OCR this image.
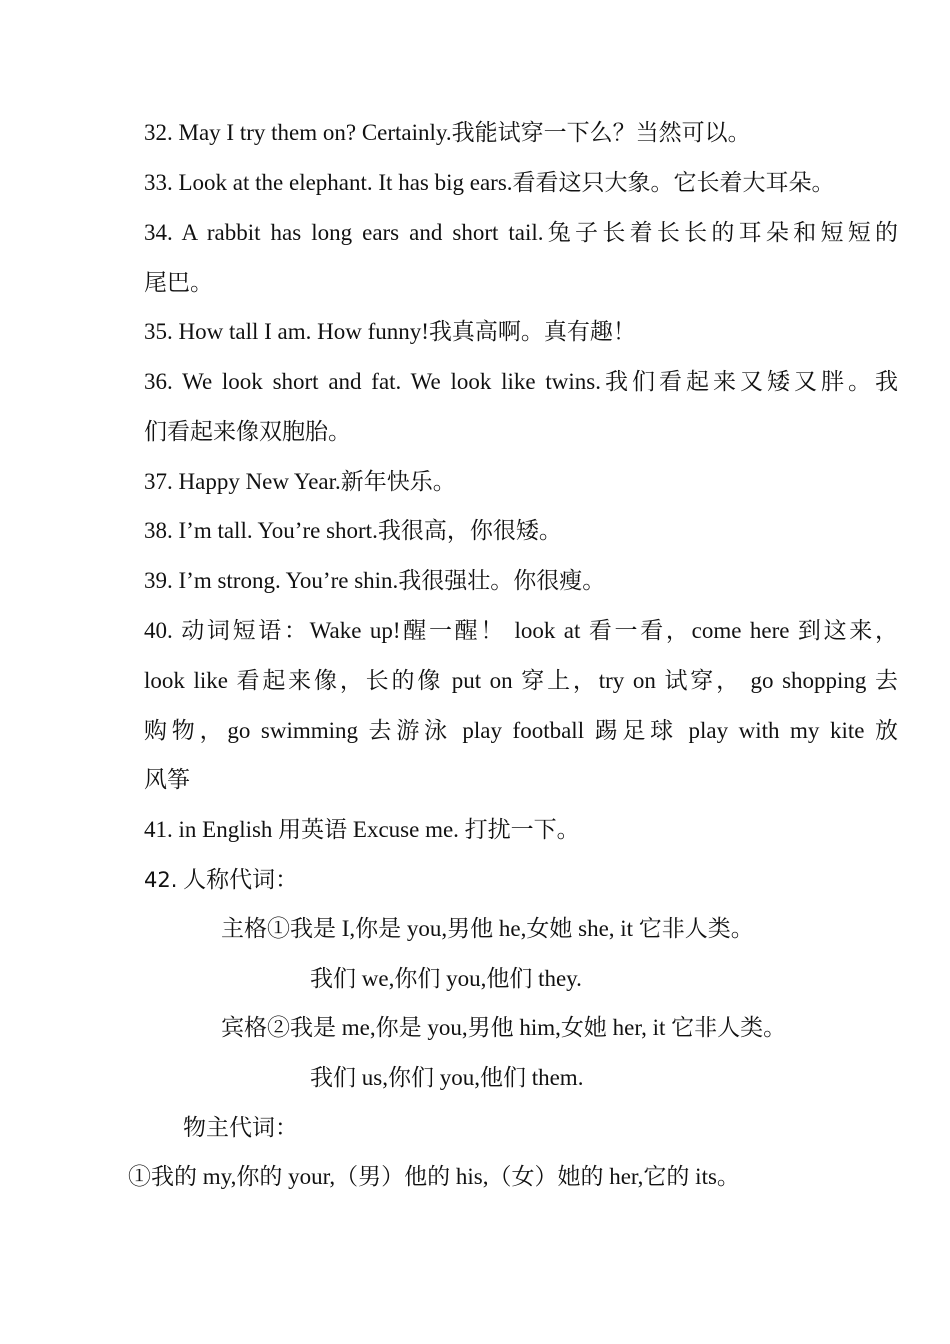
32. May I try them on? Certainly.我能试穿一下么？当然可以。
33. Look at the elephant. It has big ears.看看这只大象。它长着大耳朵。
34. A rabbit has long ears and short tail.兔子长着长长的耳朵和短短的
尾巴。
35. How tall I am. How funny!我真高啊。真有趣！
36. We look short and fat. We look like twins.我们看起来又矮又胖。我
们看起来像双胞胎。
37. Happy New Year.新年快乐。
38. I’m tall. You’re short.我很高，你很矮。
39. I’m strong. You’re shin.我很强壮。你很瘦。
40. 动词短语：Wake up!醒一醒！ look at 看一看，come here 到这来，
look like 看起来像，长的像 put on 穿上，try on 试穿， go shopping 去
购物，go swimming 去游泳 play football 踢足球 play with my kite 放
风筝
41. in English 用英语 Excuse me. 打扰一下。
42. 人称代词：
主格①我是 I,你是 you,男他 he,女她 she, it 它非人类。
我们 we,你们 you,他们 they.
宾格②我是 me,你是 you,男他 him,女她 her, it 它非人类。
我们 us,你们 you,他们 them.
物主代词：
①我的 my,你的 your,（男）他的 his,（女）她的 her,它的 its。
